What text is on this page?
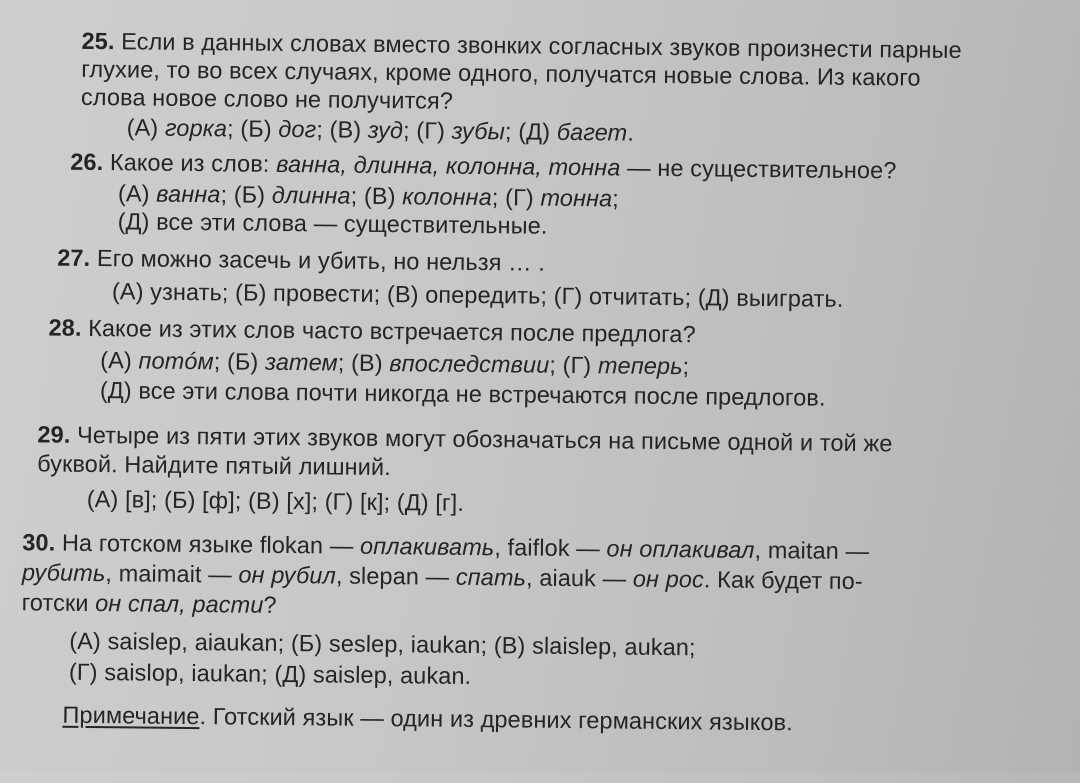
25. Если в данных словах вместо звонких согласных звуков произнести парные
глухие, то во всех случаях, кроме одного, получатся новые слова. Из какого
слова новое слово не получится?
(А) горка; (Б) дог; (В) зуд; (Г) зубы; (Д) багет.
26. Какое из слов: ванна, длинна, колонна, тонна — не существительное?
(А) ванна; (Б) длинна; (В) колонна; (Г) тонна;
(Д) все эти слова — существительные.
27. Его можно засечь и убить, но нельзя … .
(А) узнать; (Б) провести; (В) опередить; (Г) отчитать; (Д) выиграть.
28. Какое из этих слов часто встречается после предлога?
(А) потóм; (Б) затем; (В) впоследствии; (Г) теперь;
(Д) все эти слова почти никогда не встречаются после предлогов.
29. Четыре из пяти этих звуков могут обозначаться на письме одной и той же
буквой. Найдите пятый лишний.
(А) [в]; (Б) [ф]; (В) [х]; (Г) [к]; (Д) [г].
30. На готском языке flokan — оплакивать, faiflok — он оплакивал, maitan —
рубить, maimait — он рубил, slepan — спать, aiauk — он рос. Как будет по-
готски он спал, расти?
(А) saislep, aiaukan; (Б) seslep, iaukan; (В) slaislep, aukan;
(Г) saislop, iaukan; (Д) saislep, aukan.
Примечание. Готский язык — один из древних германских языков.
